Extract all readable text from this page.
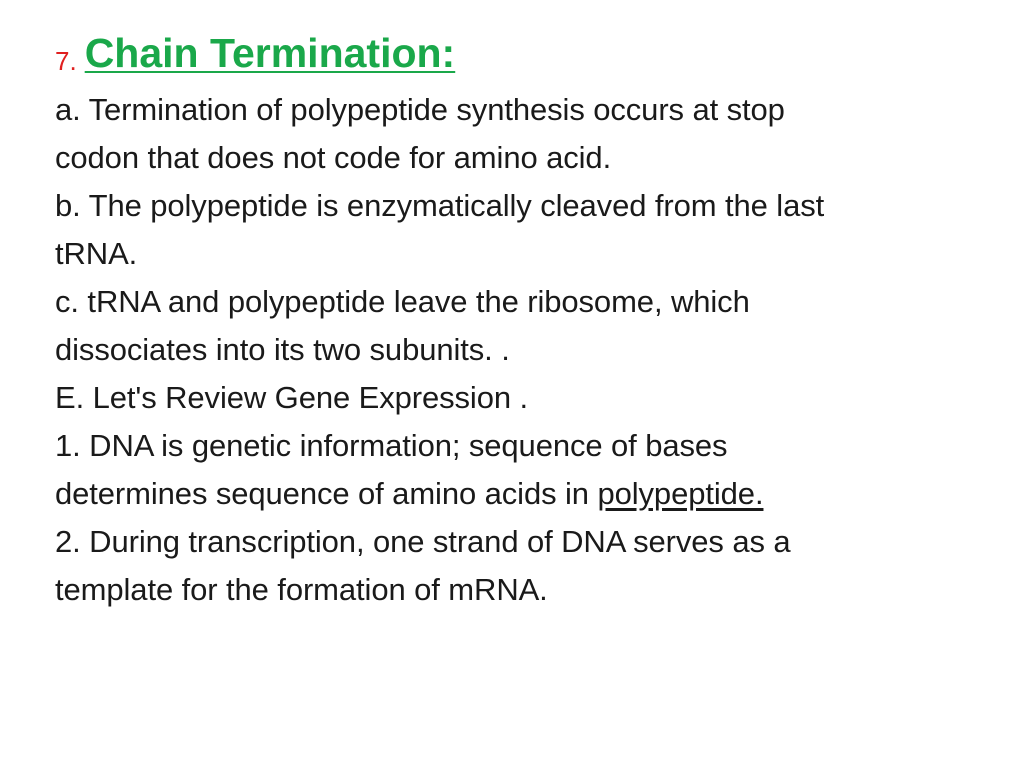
7. Chain Termination:
a. Termination of polypeptide synthesis occurs at stop
codon that does not code for amino acid.
b. The polypeptide is enzymatically cleaved from the last
tRNA.
c. tRNA and polypeptide leave the ribosome, which
dissociates into its two subunits. .
E. Let's Review Gene Expression .
1. DNA is genetic information; sequence of bases
determines sequence of amino acids in polypeptide.
2. During transcription, one strand of DNA serves as a
template for the formation of mRNA.
